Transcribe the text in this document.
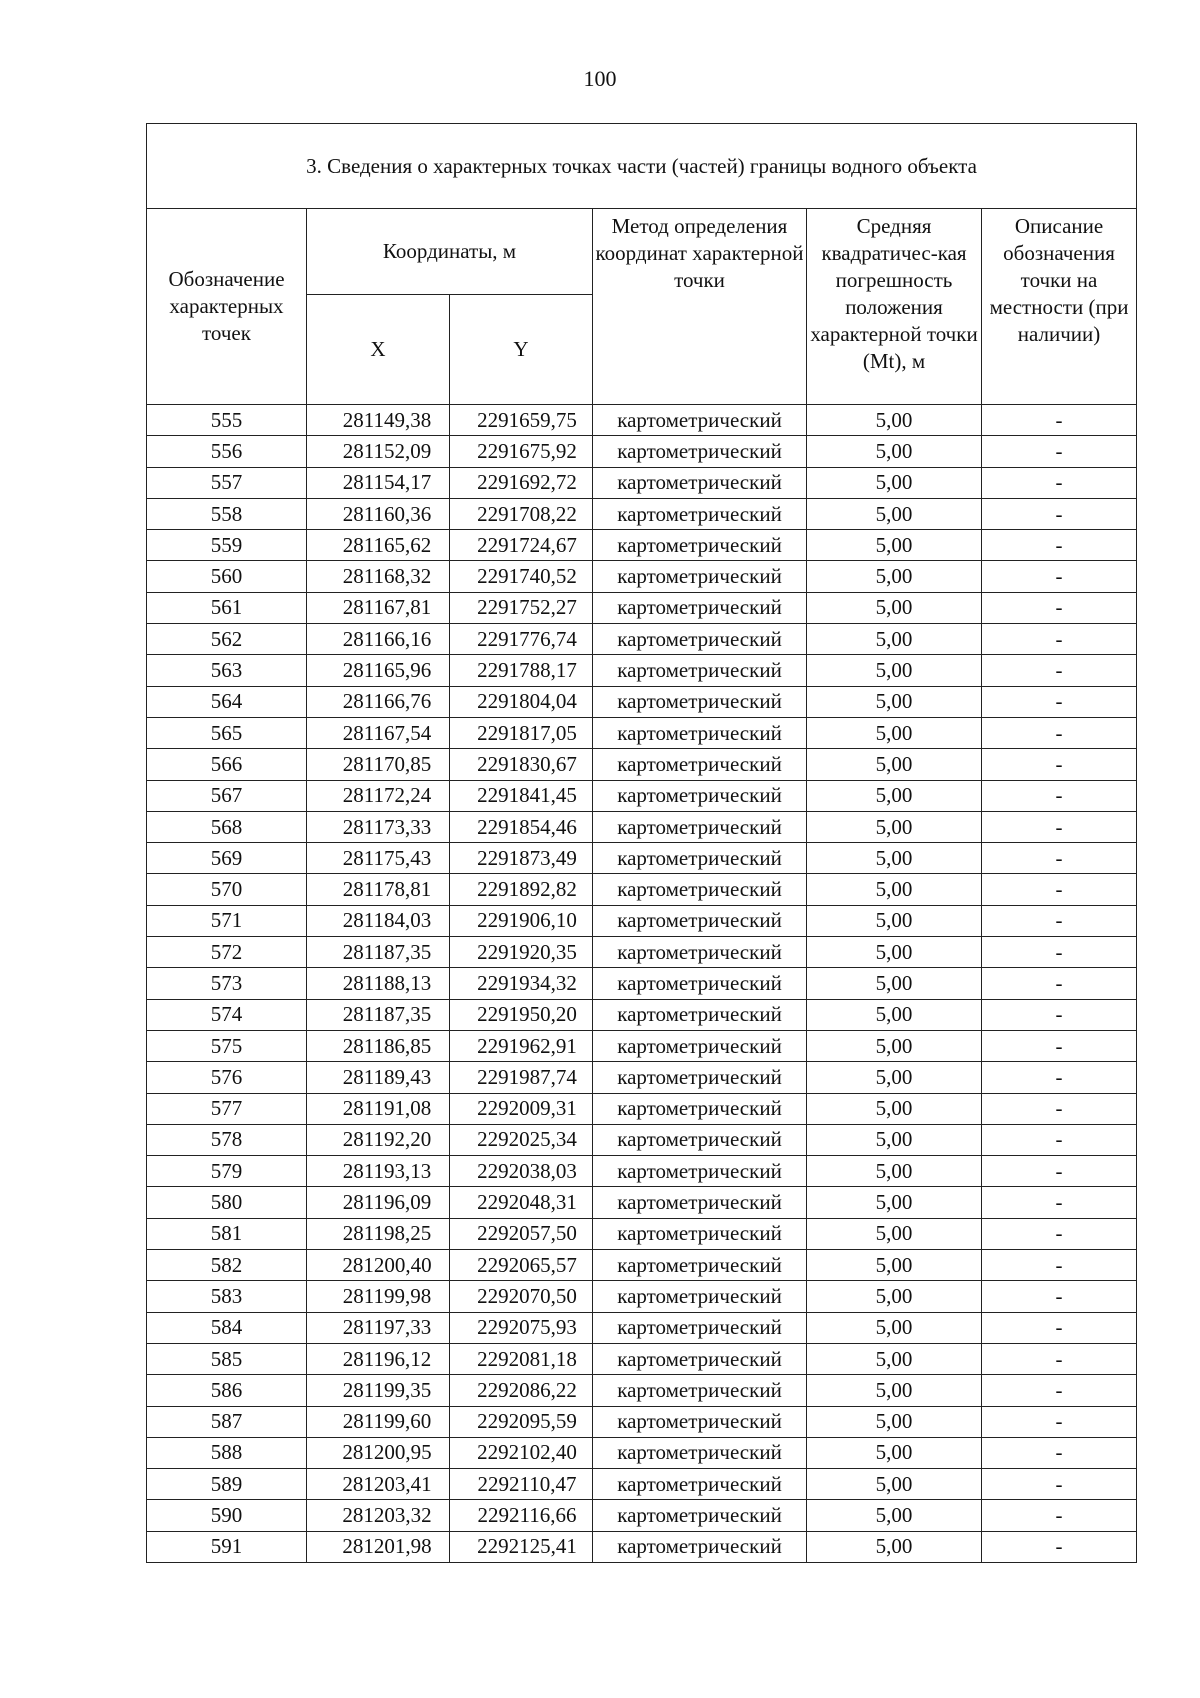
100
3. Сведения о характерных точках части (частей) границы водного объекта					
Обозначение характерных точек	Координаты, м		Метод определения координат характерной точки	Средняя квадратичес-кая погрешность положения характерной точки (Mt), м	Описание обозначения точки на местности (при наличии)
	X	Y			
555	281149,38	2291659,75	картометрический	5,00	-
556	281152,09	2291675,92	картометрический	5,00	-
557	281154,17	2291692,72	картометрический	5,00	-
558	281160,36	2291708,22	картометрический	5,00	-
559	281165,62	2291724,67	картометрический	5,00	-
560	281168,32	2291740,52	картометрический	5,00	-
561	281167,81	2291752,27	картометрический	5,00	-
562	281166,16	2291776,74	картометрический	5,00	-
563	281165,96	2291788,17	картометрический	5,00	-
564	281166,76	2291804,04	картометрический	5,00	-
565	281167,54	2291817,05	картометрический	5,00	-
566	281170,85	2291830,67	картометрический	5,00	-
567	281172,24	2291841,45	картометрический	5,00	-
568	281173,33	2291854,46	картометрический	5,00	-
569	281175,43	2291873,49	картометрический	5,00	-
570	281178,81	2291892,82	картометрический	5,00	-
571	281184,03	2291906,10	картометрический	5,00	-
572	281187,35	2291920,35	картометрический	5,00	-
573	281188,13	2291934,32	картометрический	5,00	-
574	281187,35	2291950,20	картометрический	5,00	-
575	281186,85	2291962,91	картометрический	5,00	-
576	281189,43	2291987,74	картометрический	5,00	-
577	281191,08	2292009,31	картометрический	5,00	-
578	281192,20	2292025,34	картометрический	5,00	-
579	281193,13	2292038,03	картометрический	5,00	-
580	281196,09	2292048,31	картометрический	5,00	-
581	281198,25	2292057,50	картометрический	5,00	-
582	281200,40	2292065,57	картометрический	5,00	-
583	281199,98	2292070,50	картометрический	5,00	-
584	281197,33	2292075,93	картометрический	5,00	-
585	281196,12	2292081,18	картометрический	5,00	-
586	281199,35	2292086,22	картометрический	5,00	-
587	281199,60	2292095,59	картометрический	5,00	-
588	281200,95	2292102,40	картометрический	5,00	-
589	281203,41	2292110,47	картометрический	5,00	-
590	281203,32	2292116,66	картометрический	5,00	-
591	281201,98	2292125,41	картометрический	5,00	-
